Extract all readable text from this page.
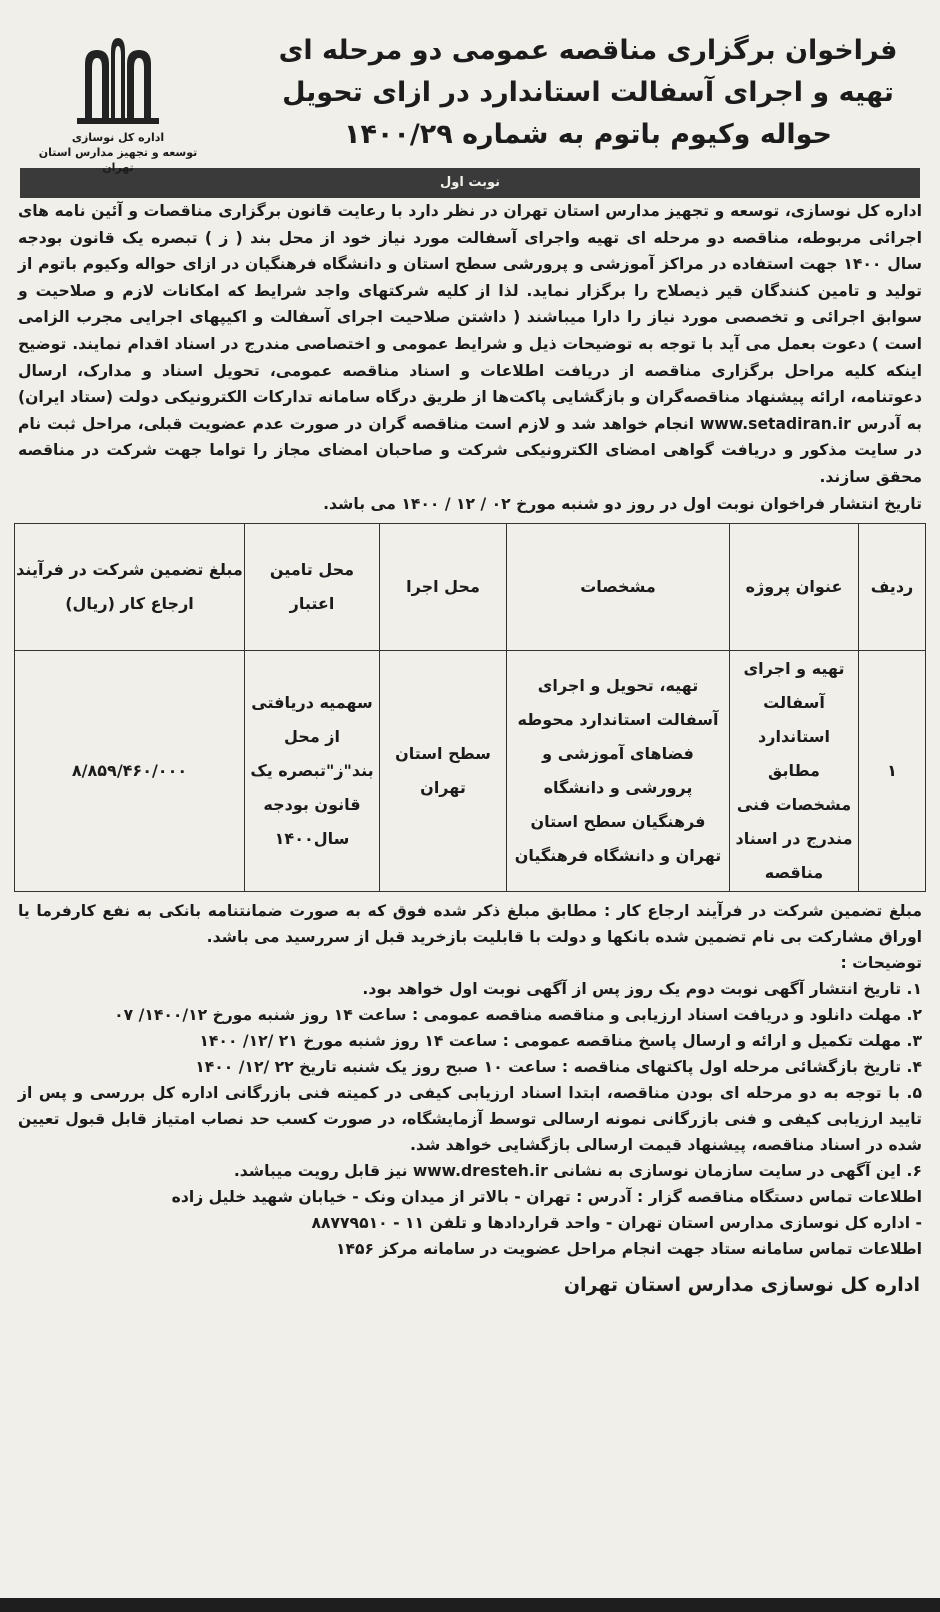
فراخوان برگزاری مناقصه عمومی دو مرحله ای
تهیه و اجرای آسفالت استاندارد در ازای تحویل
حواله وکیوم باتوم به شماره ۱۴۰۰/۲۹
اداره کل نوسازی
توسعه و تجهیز مدارس استان تهران
نوبت اول
اداره کل نوسازی، توسعه و تجهیز مدارس استان تهران در نظر دارد با رعایت قانون برگزاری مناقصات و آئین نامه های اجرائی مربوطه، مناقصه دو مرحله ای تهیه واجرای آسفالت مورد نیاز خود از محل بند ( ز ) تبصره یک قانون بودجه سال ۱۴۰۰ جهت استفاده در مراکز آموزشی و پرورشی سطح استان و دانشگاه فرهنگیان در ازای حواله وکیوم باتوم از تولید و تامین کنندگان قیر ذیصلاح را برگزار نماید. لذا از کلیه شرکتهای واجد شرایط که امکانات لازم و صلاحیت و سوابق اجرائی و تخصصی مورد نیاز را دارا میباشند ( داشتن صلاحیت اجرای آسفالت و اکیپهای اجرایی مجرب الزامی است ) دعوت بعمل می آید با توجه به توضیحات ذیل و شرایط عمومی و اختصاصی مندرج در اسناد اقدام نمایند. توضیح اینکه کلیه مراحل برگزاری مناقصه از دریافت اطلاعات و اسناد مناقصه عمومی، تحویل اسناد و مدارک، ارسال دعوتنامه، ارائه پیشنهاد مناقصه‌گران و بازگشایی پاکت‌ها از طریق درگاه سامانه تدارکات الکترونیکی دولت (ستاد ایران) به آدرس www.setadiran.ir انجام خواهد شد و لازم است مناقصه گران در صورت عدم عضویت قبلی، مراحل ثبت نام در سایت مذکور و دریافت گواهی امضای الکترونیکی شرکت و صاحبان امضای مجاز را تواما جهت شرکت در مناقصه محقق سازند.
تاریخ انتشار فراخوان نوبت اول در روز دو شنبه مورخ ۰۲ / ۱۲ / ۱۴۰۰ می باشد.
ردیف	عنوان پروژه	مشخصات	محل اجرا	محل تامین اعتبار	مبلغ تضمین شرکت در فرآیند ارجاع کار (ریال)
۱	تهیه و اجرای آسفالت استاندارد مطابق مشخصات فنی مندرج در اسناد مناقصه	تهیه، تحویل و اجرای آسفالت استاندارد محوطه فضاهای آموزشی و پرورشی و دانشگاه فرهنگیان سطح استان تهران و دانشگاه فرهنگیان	سطح استان تهران	سهمیه دریافتی از محل بند"ز"تبصره یک قانون بودجه سال۱۴۰۰	۸/۸۵۹/۴۶۰/۰۰۰
مبلغ تضمین شرکت در فرآیند ارجاع کار : مطابق مبلغ ذکر شده فوق که به صورت ضمانتنامه بانکی به نفع کارفرما یا اوراق مشارکت بی نام تضمین شده بانکها و دولت با قابلیت بازخرید قبل از سررسید می باشد.
توضیحات :
۱. تاریخ انتشار آگهی نوبت دوم یک روز پس از آگهی نوبت اول خواهد بود.
۲. مهلت دانلود و دریافت اسناد ارزیابی و مناقصه مناقصه عمومی : ساعت ۱۴ روز شنبه مورخ ۱۴۰۰/۱۲/ ۰۷
۳. مهلت تکمیل و ارائه و ارسال پاسخ مناقصه عمومی : ساعت ۱۴ روز شنبه مورخ ۲۱ /۱۲/ ۱۴۰۰
۴. تاریخ بازگشائی مرحله اول پاکتهای مناقصه : ساعت ۱۰ صبح روز یک شنبه تاریخ ۲۲ /۱۲/ ۱۴۰۰
۵. با توجه به دو مرحله ای بودن مناقصه، ابتدا اسناد ارزیابی کیفی در کمیته فنی بازرگانی اداره کل بررسی و پس از تایید ارزیابی کیفی و فنی بازرگانی نمونه ارسالی توسط آزمایشگاه، در صورت کسب حد نصاب امتیاز قابل قبول تعیین شده در اسناد مناقصه، پیشنهاد قیمت ارسالی بازگشایی خواهد شد.
۶. این آگهی در سایت سازمان نوسازی به نشانی www.dresteh.ir نیز قابل رویت میباشد.
اطلاعات تماس دستگاه مناقصه گزار : آدرس : تهران - بالاتر از میدان ونک - خیابان شهید خلیل زاده
- اداره کل نوسازی مدارس استان تهران - واحد قراردادها و تلفن ۱۱ - ۸۸۷۷۹۵۱۰
اطلاعات تماس سامانه ستاد جهت انجام مراحل عضویت در سامانه مرکز ۱۴۵۶
اداره کل نوسازی مدارس استان تهران
